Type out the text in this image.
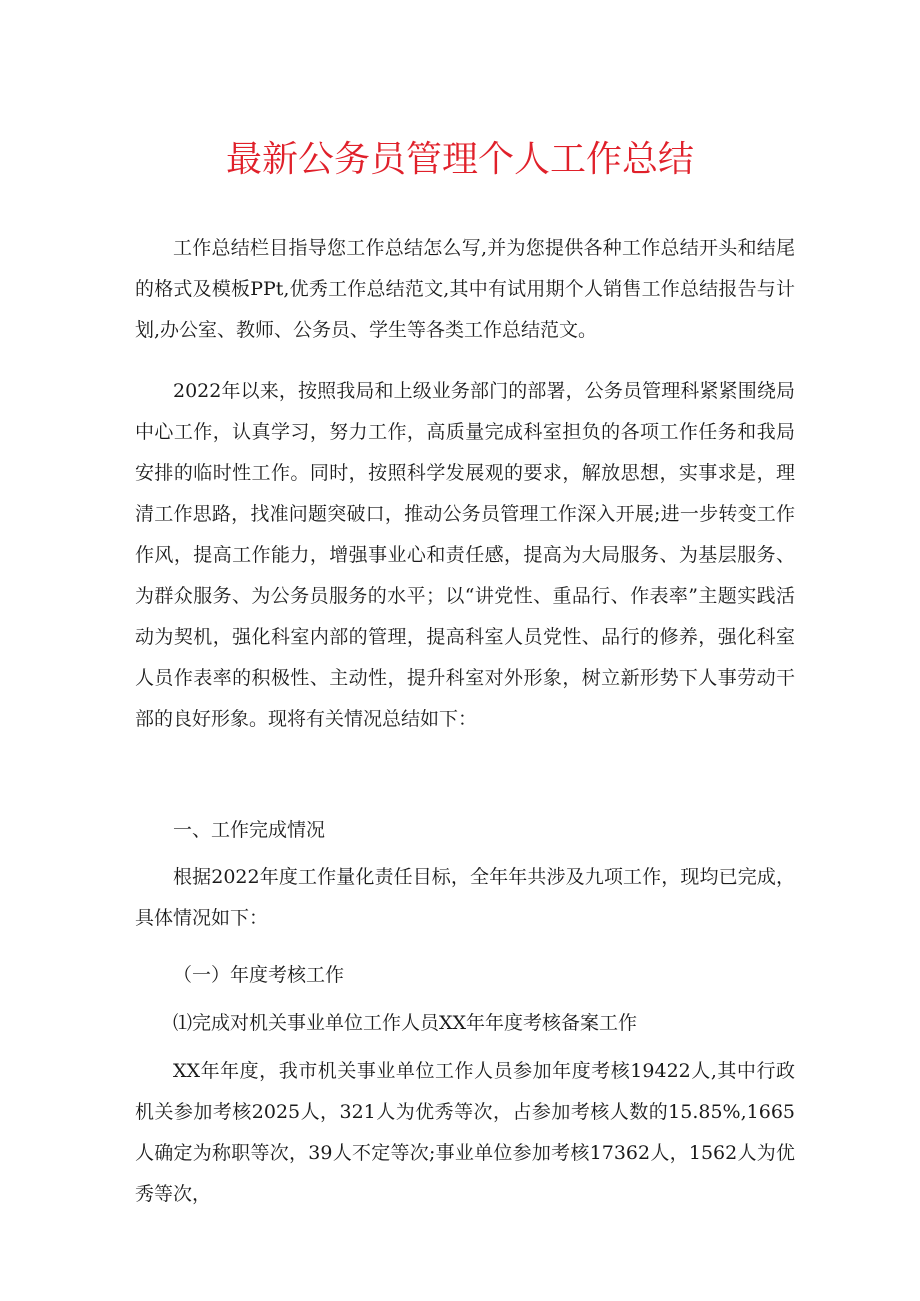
最新公务员管理个人工作总结

工作总结栏目指导您工作总结怎么写,并为您提供各种工作总结开头和结尾的格式及模板PPt,优秀工作总结范文,其中有试用期个人销售工作总结报告与计划,办公室、教师、公务员、学生等各类工作总结范文。

2022年以来，按照我局和上级业务部门的部署，公务员管理科紧紧围绕局中心工作，认真学习，努力工作，高质量完成科室担负的各项工作任务和我局安排的临时性工作。同时，按照科学发展观的要求，解放思想，实事求是，理清工作思路，找准问题突破口，推动公务员管理工作深入开展;进一步转变工作作风，提高工作能力，增强事业心和责任感，提高为大局服务、为基层服务、为群众服务、为公务员服务的水平；以“讲党性、重品行、作表率”主题实践活动为契机，强化科室内部的管理，提高科室人员党性、品行的修养，强化科室人员作表率的积极性、主动性，提升科室对外形象，树立新形势下人事劳动干部的良好形象。现将有关情况总结如下：

一、工作完成情况

根据2022年度工作量化责任目标，全年年共涉及九项工作，现均已完成，具体情况如下：

（一）年度考核工作

⑴完成对机关事业单位工作人员XX年年度考核备案工作

XX年年度，我市机关事业单位工作人员参加年度考核19422人,其中行政机关参加考核2025人，321人为优秀等次，占参加考核人数的15.85%,1665人确定为称职等次，39人不定等次;事业单位参加考核17362人，1562人为优秀等次，
